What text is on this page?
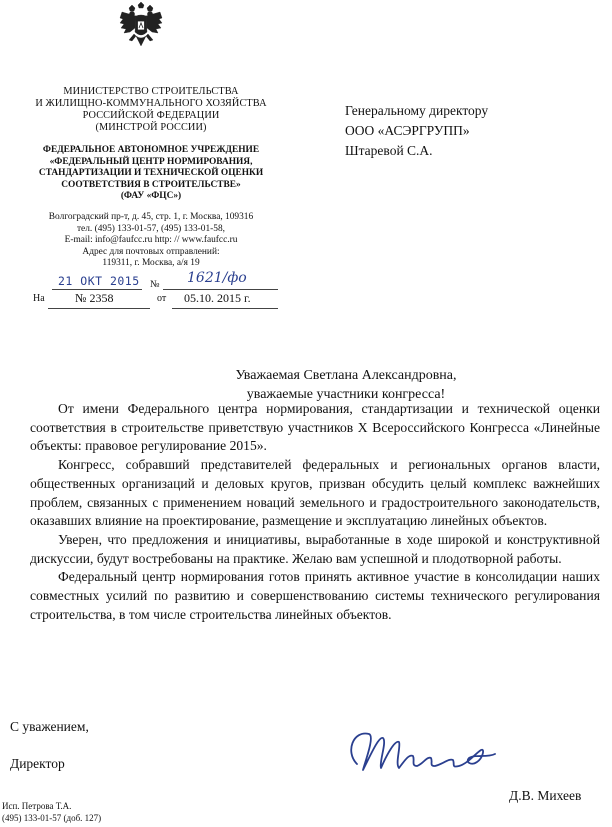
МИНИСТЕРСТВО СТРОИТЕЛЬСТВА
И ЖИЛИЩНО-КОММУНАЛЬНОГО ХОЗЯЙСТВА
РОССИЙСКОЙ ФЕДЕРАЦИИ
(МИНСТРОЙ РОССИИ)
ФЕДЕРАЛЬНОЕ АВТОНОМНОЕ УЧРЕЖДЕНИЕ
«ФЕДЕРАЛЬНЫЙ ЦЕНТР НОРМИРОВАНИЯ,
СТАНДАРТИЗАЦИИ И ТЕХНИЧЕСКОЙ ОЦЕНКИ
СООТВЕТСТВИЯ В СТРОИТЕЛЬСТВЕ»
(ФАУ «ФЦС»)
Волгоградский пр-т, д. 45, стр. 1, г. Москва, 109316
тел. (495) 133-01-57, (495) 133-01-58,
E-mail: info@faufcc.ru http: // www.faufcc.ru
Адрес для почтовых отправлений:
119311, г. Москва, а/я 19
21 ОКТ 2015 № 1621/фо
На	№ 2358	от 05.10. 2015 г.
Генеральному директору
ООО «АСЭРГРУПП»
Штаревой С.А.
Уважаемая Светлана Александровна,
уважаемые участники конгресса!

От имени Федерального центра нормирования, стандартизации и технической оценки соответствия в строительстве приветствую участников X Всероссийского Конгресса «Линейные объекты: правовое регулирование 2015».

Конгресс, собравший представителей федеральных и региональных органов власти, общественных организаций и деловых кругов, призван обсудить целый комплекс важнейших проблем, связанных с применением новаций земельного и градостроительного законодательств, оказавших влияние на проектирование, размещение и эксплуатацию линейных объектов.

Уверен, что предложения и инициативы, выработанные в ходе широкой и конструктивной дискуссии, будут востребованы на практике. Желаю вам успешной и плодотворной работы.

Федеральный центр нормирования готов принять активное участие в консолидации наших совместных усилий по развитию и совершенствованию системы технического регулирования строительства, в том числе строительства линейных объектов.

С уважением,
Директор
Д.В. Михеев
Исп. Петрова Т.А.
(495) 133-01-57 (доб. 127)
